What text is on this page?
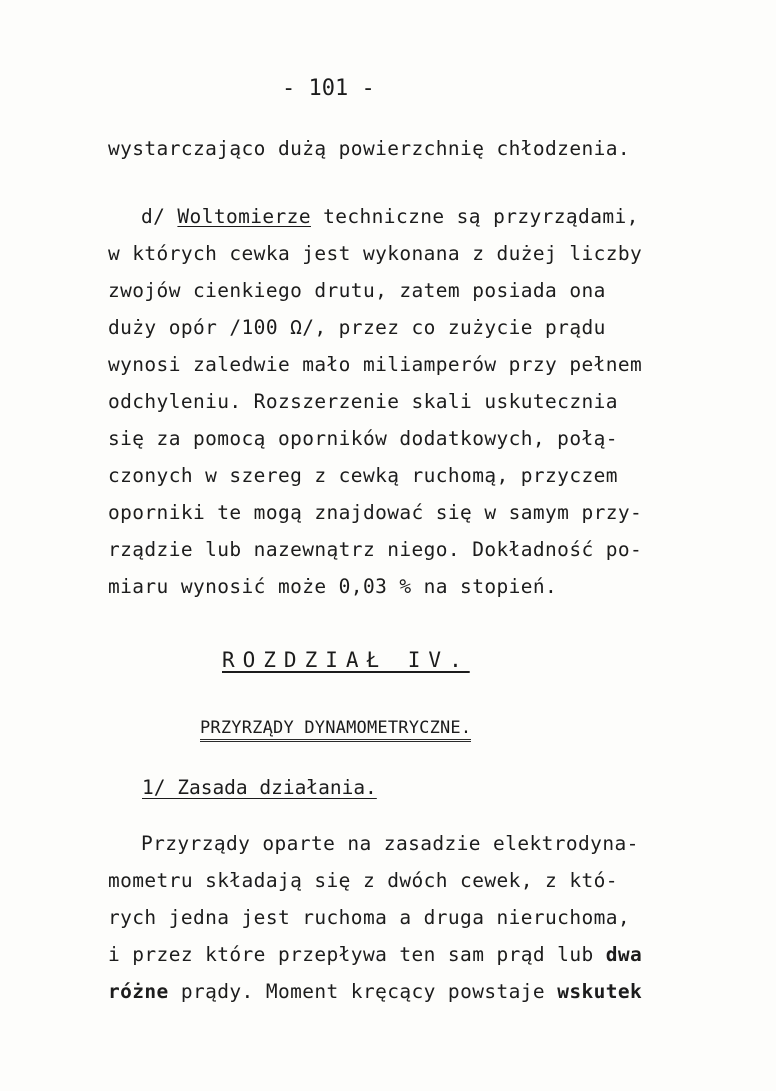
- 101 -
wystarczająco dużą powierzchnię chłodzenia.
d/ Woltomierze techniczne są przyrządami,
w których cewka jest wykonana z dużej liczby
zwojów cienkiego drutu, zatem posiada ona
duży opór /100 Ω/, przez co zużycie prądu
wynosi zaledwie mało miliamperów przy pełnem
odchyleniu. Rozszerzenie skali uskutecznia
się za pomocą oporników dodatkowych, połą-
czonych w szereg z cewką ruchomą, przyczem
oporniki te mogą znajdować się w samym przy-
rządzie lub nazewnątrz niego. Dokładność po-
miaru wynosić może 0,03 % na stopień.
ROZDZIAŁ IV.
PRZYRZĄDY DYNAMOMETRYCZNE.
1/ Zasada działania.
Przyrządy oparte na zasadzie elektrodyna-
mometru składają się z dwóch cewek, z któ-
rych jedna jest ruchoma a druga nieruchoma,
i przez które przepływa ten sam prąd lub dwa
różne prądy. Moment kręcący powstaje wskutek
